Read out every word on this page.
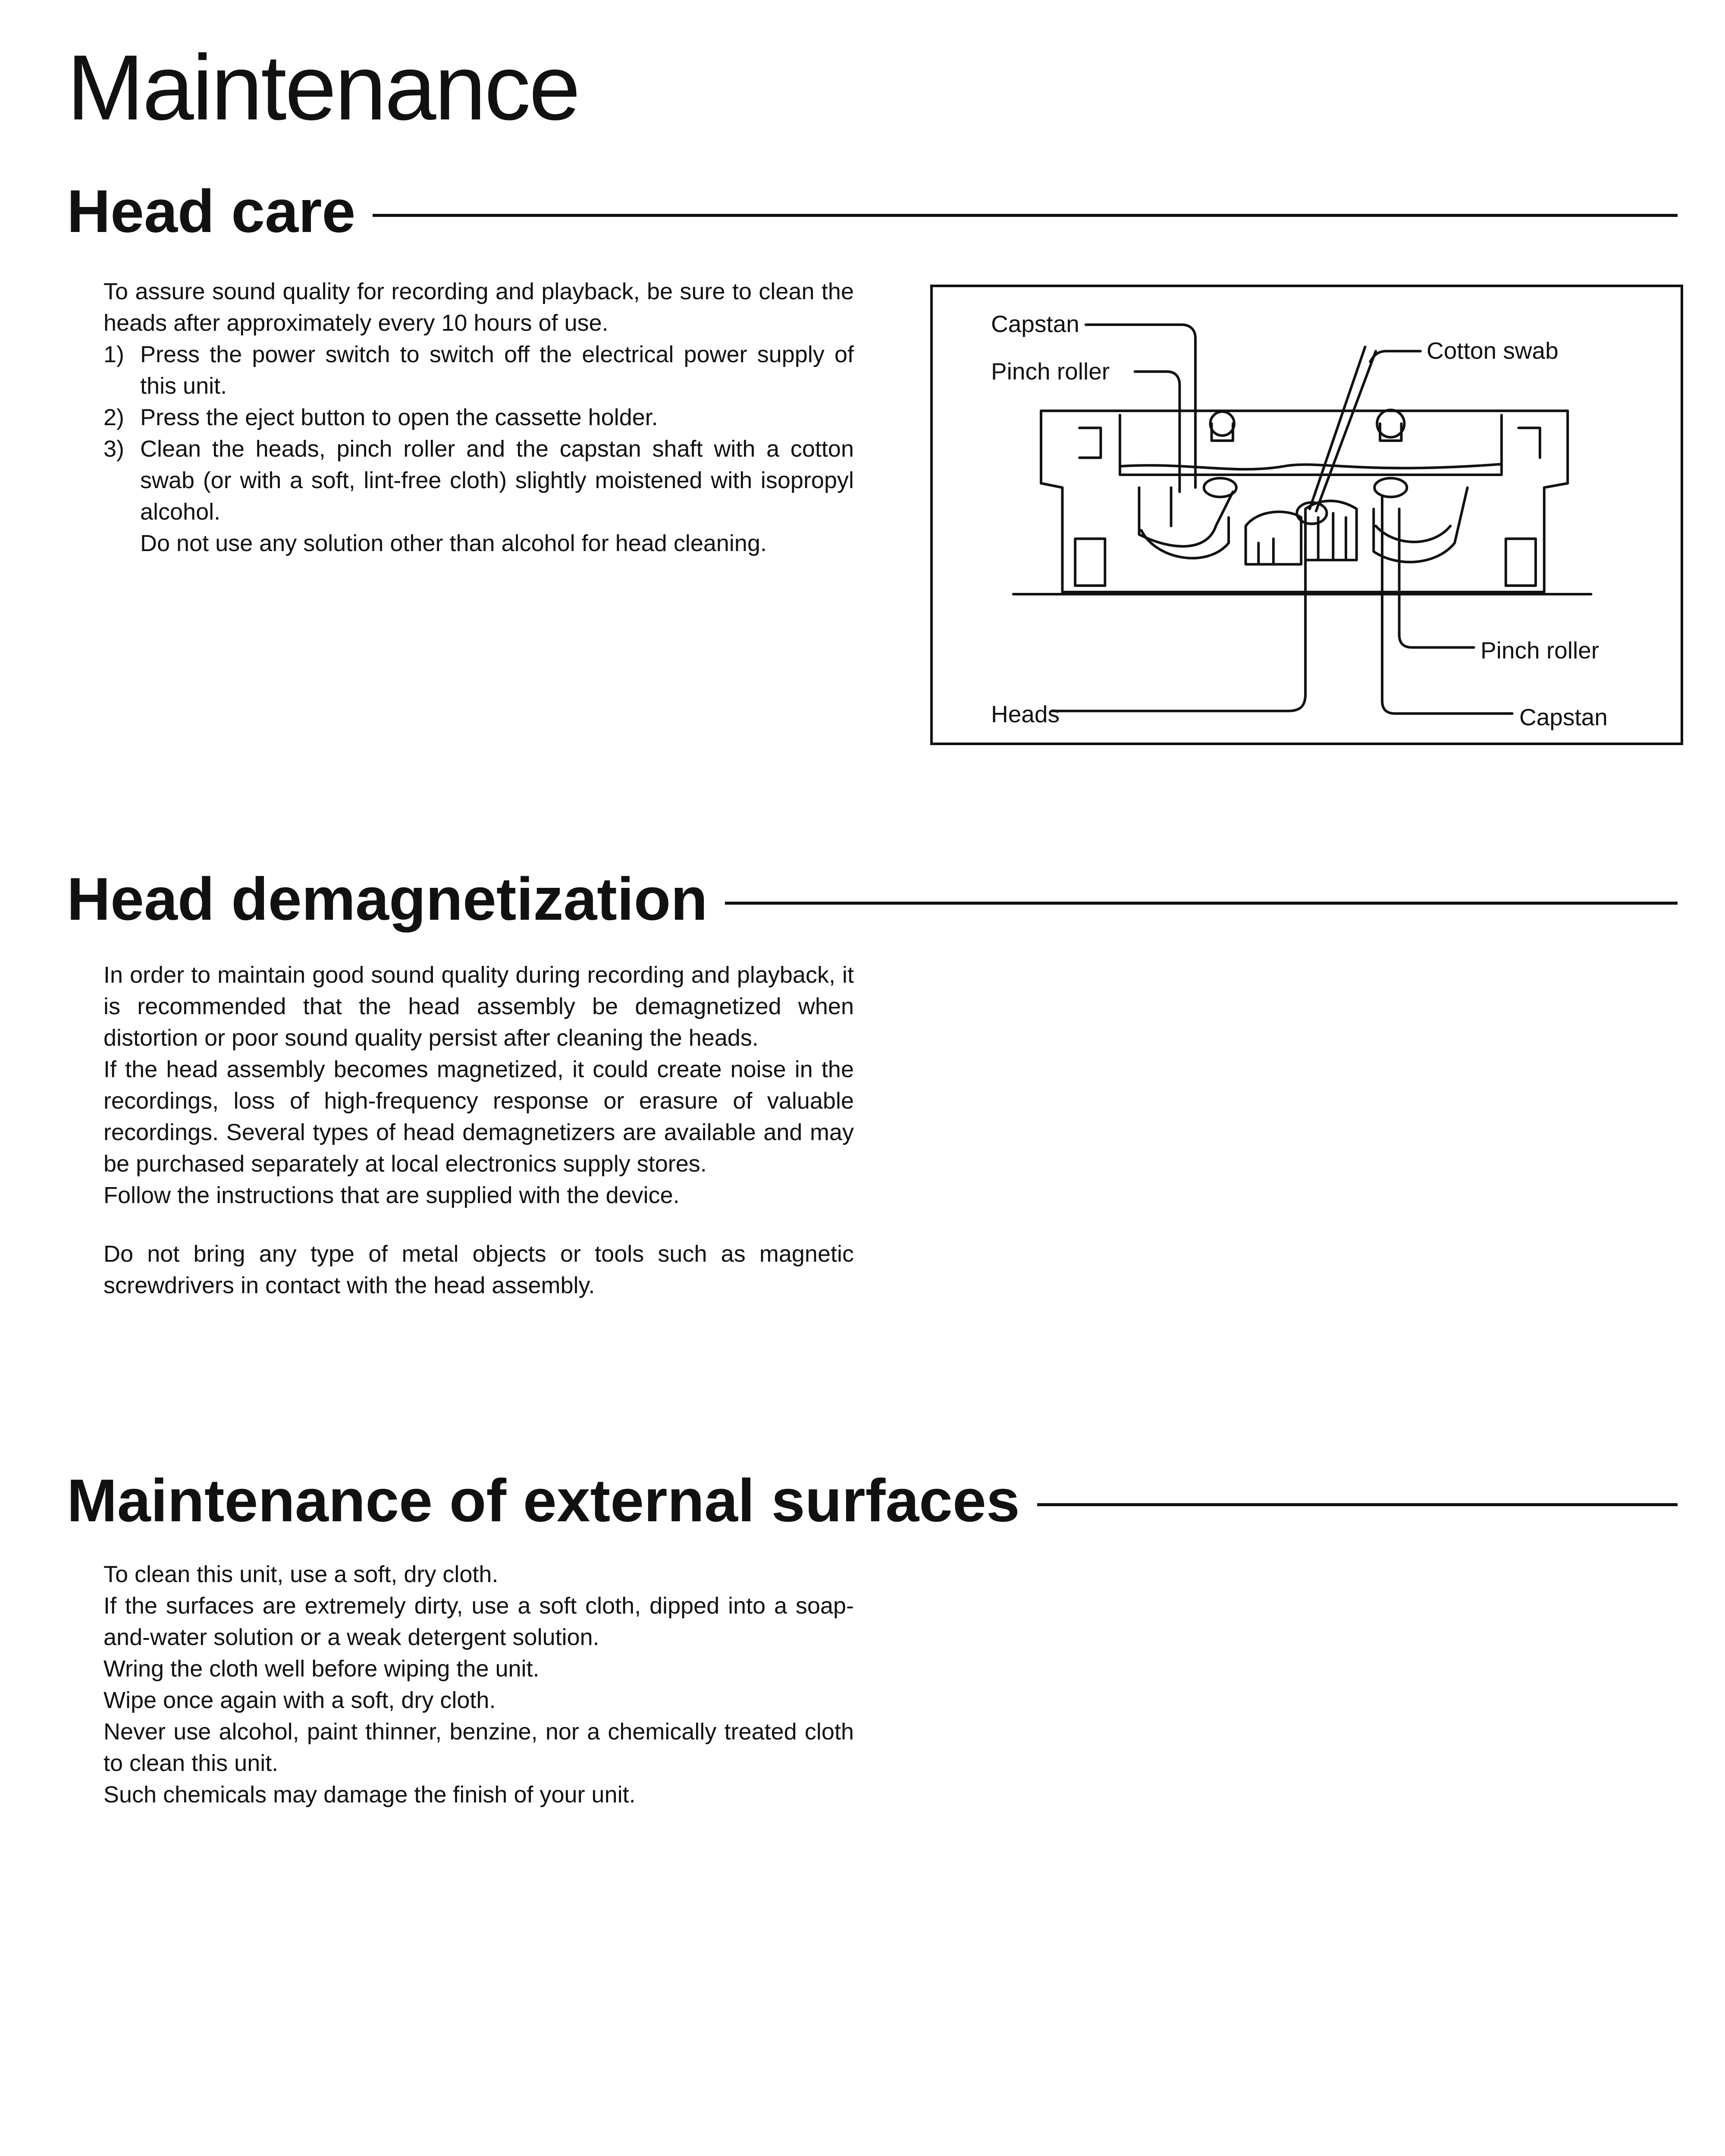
Maintenance
Head care

To assure sound quality for recording and playback, be sure to clean the heads after approximately every 10 hours of use.

1) Press the power switch to switch off the electrical power supply of this unit.
2) Press the eject button to open the cassette holder.
3) Clean the heads, pinch roller and the capstan shaft with a cotton swab (or with a soft, lint-free cloth) slightly moistened with isopropyl alcohol.

Do not use any solution other than alcohol for head cleaning.

Capstan
Pinch roller
Cotton swab
Pinch roller
Heads	Capstan
Head demagnetization

In order to maintain good sound quality during recording and playback, it is recommended that the head assembly be demagnetized when distortion or poor sound quality persist after cleaning the heads.

If the head assembly becomes magnetized, it could create noise in the recordings, loss of high-frequency response or erasure of valuable recordings. Several types of head demagnetizers are available and may be purchased separately at local electronics supply stores.

Follow the instructions that are supplied with the device.

Do not bring any type of metal objects or tools such as magnetic screwdrivers in contact with the head assembly.

Maintenance of external surfaces

To clean this unit, use a soft, dry cloth.

If the surfaces are extremely dirty, use a soft cloth, dipped into a soap-and-water solution or a weak detergent solution.

Wring the cloth well before wiping the unit.

Wipe once again with a soft, dry cloth.

Never use alcohol, paint thinner, benzine, nor a chemically treated cloth to clean this unit.

Such chemicals may damage the finish of your unit.
